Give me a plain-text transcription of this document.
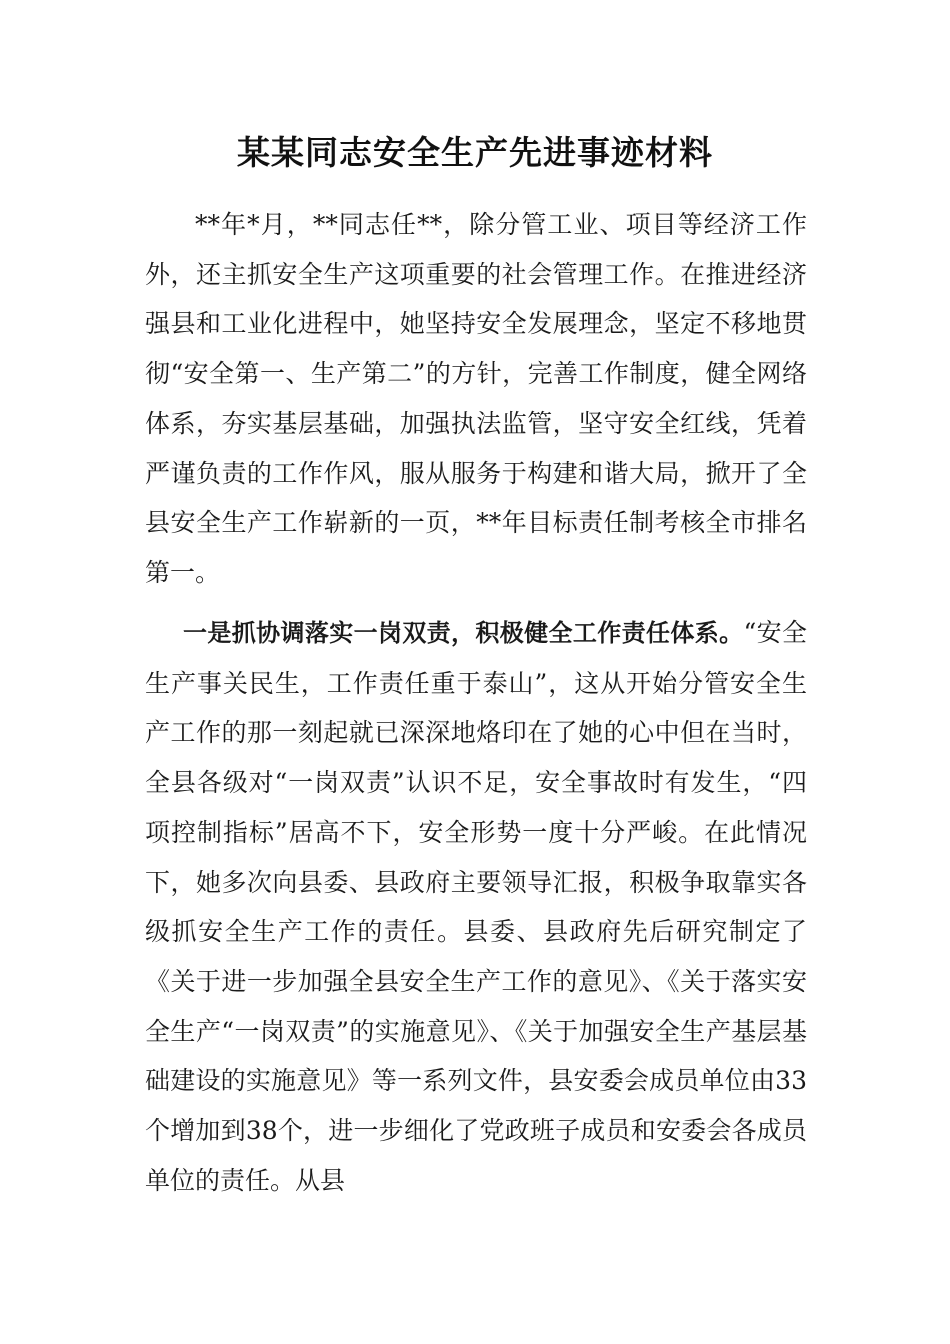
某某同志安全生产先进事迹材料

**年*月，**同志任**，除分管工业、项目等经济工作外，还主抓安全生产这项重要的社会管理工作。在推进经济强县和工业化进程中，她坚持安全发展理念，坚定不移地贯彻“安全第一、生产第二”的方针，完善工作制度，健全网络体系，夯实基层基础，加强执法监管，坚守安全红线，凭着严谨负责的工作作风，服从服务于构建和谐大局，掀开了全县安全生产工作崭新的一页，**年目标责任制考核全市排名第一。

一是抓协调落实一岗双责，积极健全工作责任体系。“安全生产事关民生，工作责任重于泰山”，这从开始分管安全生产工作的那一刻起就已深深地烙印在了她的心中但在当时，全县各级对“一岗双责”认识不足，安全事故时有发生，“四项控制指标”居高不下，安全形势一度十分严峻。在此情况下，她多次向县委、县政府主要领导汇报，积极争取靠实各级抓安全生产工作的责任。县委、县政府先后研究制定了《关于进一步加强全县安全生产工作的意见》、《关于落实安全生产“一岗双责”的实施意见》、《关于加强安全生产基层基础建设的实施意见》等一系列文件，县安委会成员单位由33个增加到38个，进一步细化了党政班子成员和安委会各成员单位的责任。从县
